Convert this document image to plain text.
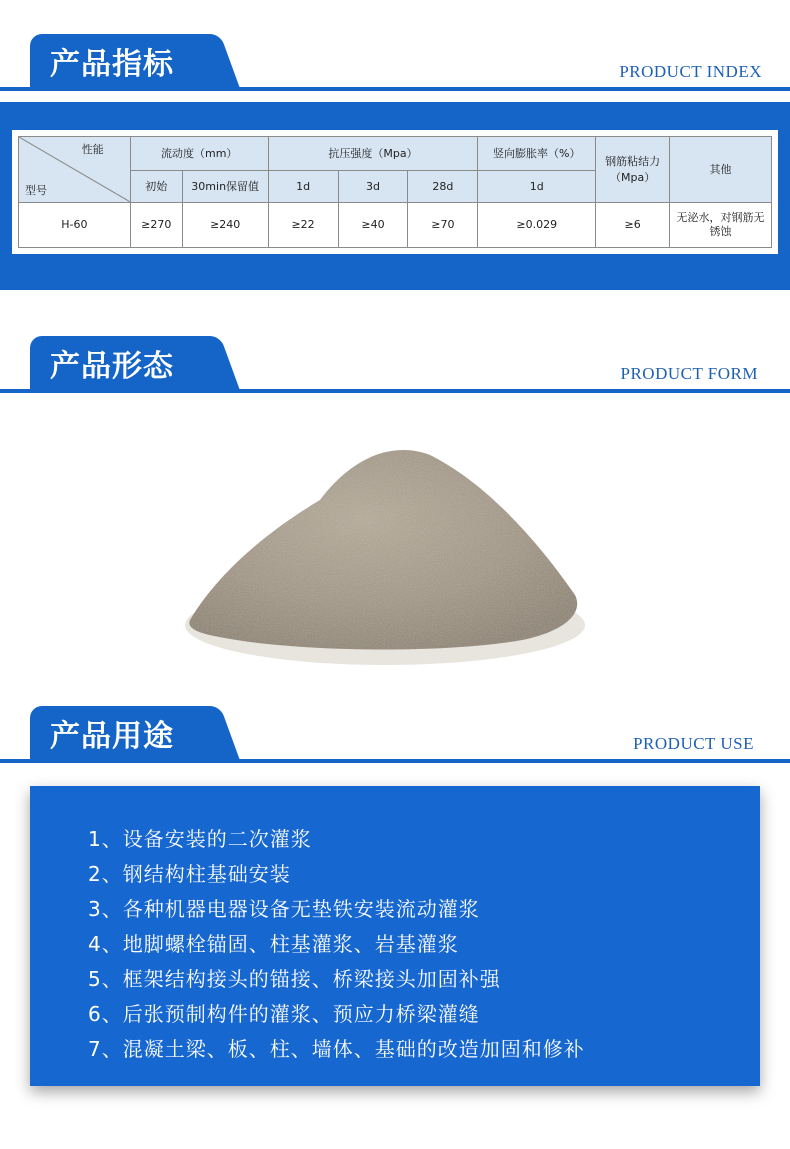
产品指标	PRODUCT INDEX
性能
型号	流动度（mm）		抗压强度（Mpa）			竖向膨胀率（%）	钢筋粘结力（Mpa）	其他
	初始	30min保留值	1d	3d	28d	1d		
H-60	≥270	≥240	≥22	≥40	≥70	≥0.029	≥6	无泌水，对钢筋无锈蚀
产品形态	PRODUCT FORM
产品用途	PRODUCT USE
1、设备安装的二次灌浆
2、钢结构柱基础安装
3、各种机器电器设备无垫铁安装流动灌浆
4、地脚螺栓锚固、柱基灌浆、岩基灌浆
5、框架结构接头的锚接、桥梁接头加固补强
6、后张预制构件的灌浆、预应力桥梁灌缝
7、混凝土梁、板、柱、墙体、基础的改造加固和修补
